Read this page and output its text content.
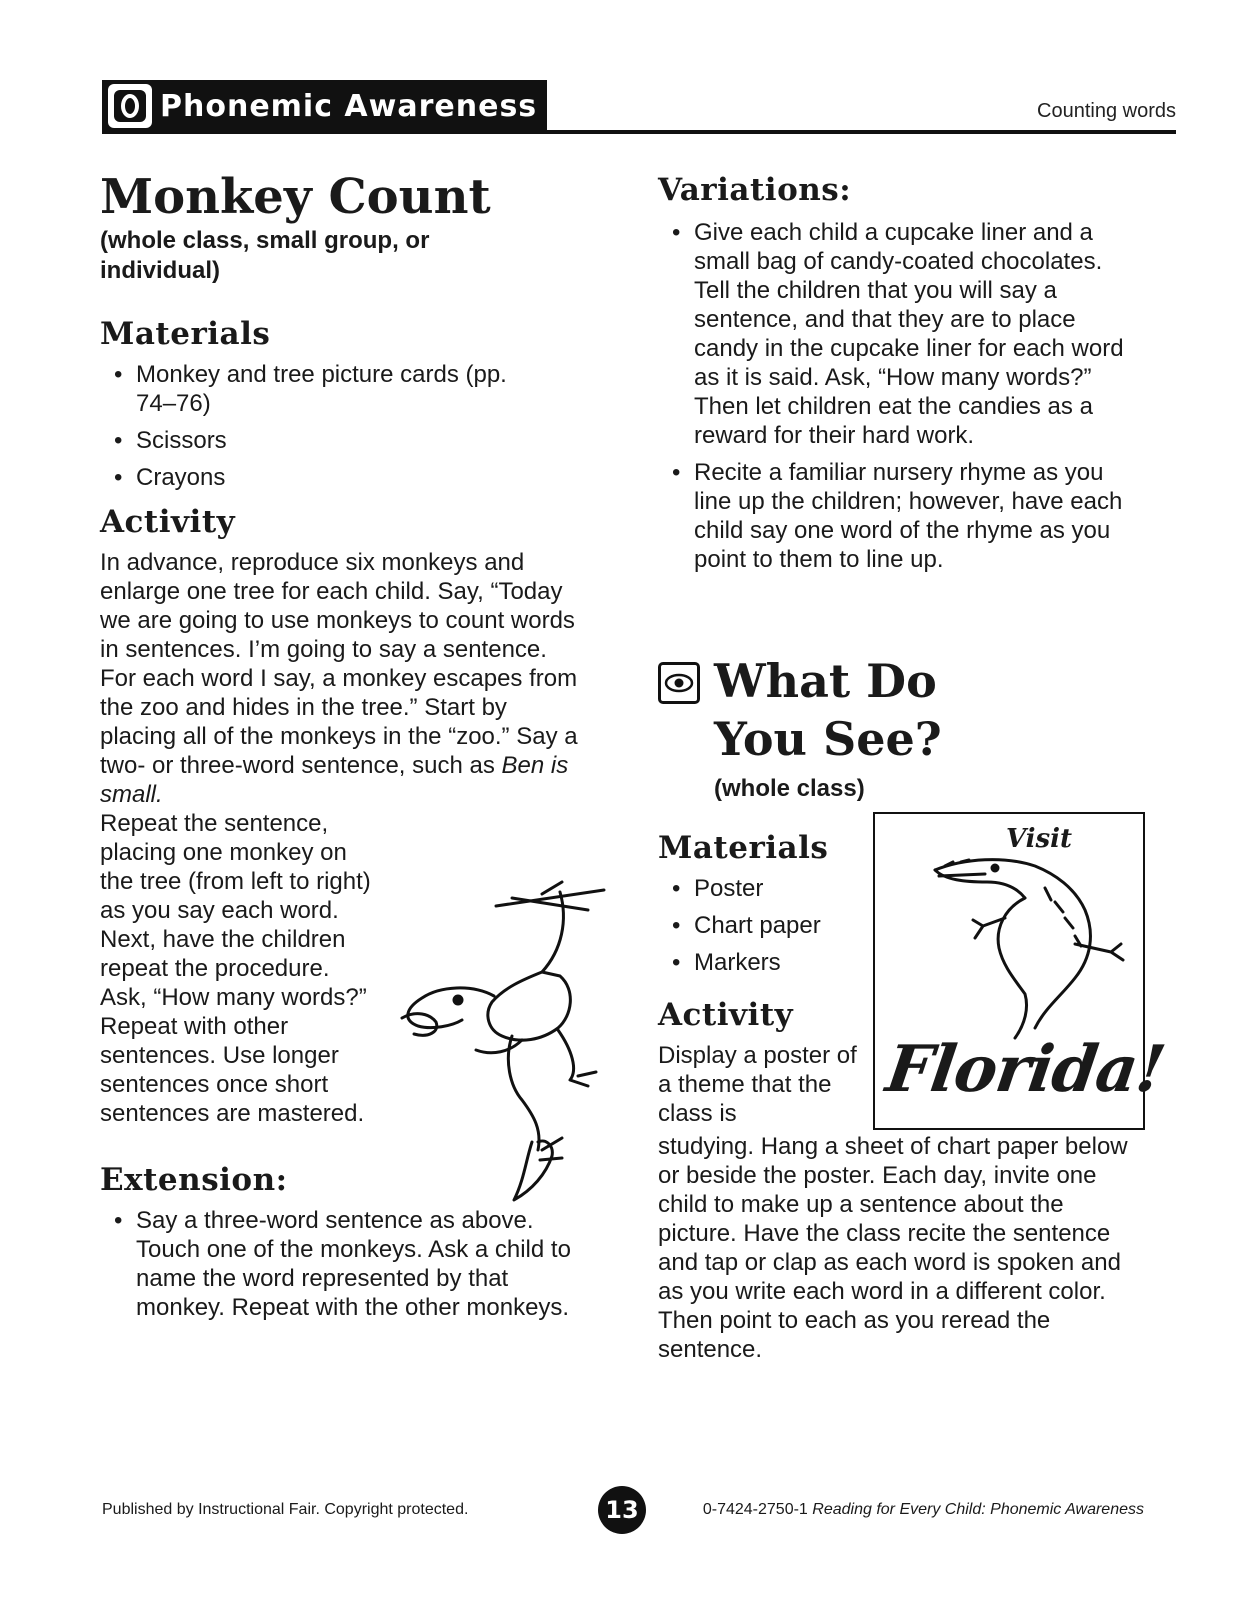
Phonemic Awareness	Counting words
Monkey Count

(whole class, small group, or individual)

Materials
• Monkey and tree picture cards (pp. 74–76)
• Scissors
• Crayons
Activity

In advance, reproduce six monkeys and enlarge one tree for each child. Say, “Today we are going to use monkeys to count words in sentences. I’m going to say a sentence. For each word I say, a monkey escapes from the zoo and hides in the tree.” Start by placing all of the monkeys in the “zoo.” Say a two- or three-word sentence, such as Ben is small.

Repeat the sentence, placing one monkey on the tree (from left to right) as you say each word. Next, have the children repeat the procedure. Ask, “How many words?” Repeat with other sentences. Use longer sentences once short sentences are mastered.

Extension:
• Say a three-word sentence as above. Touch one of the monkeys. Ask a child to name the word represented by that monkey. Repeat with the other monkeys.
Variations:
• Give each child a cupcake liner and a small bag of candy-coated chocolates. Tell the children that you will say a sentence, and that they are to place candy in the cupcake liner for each word as it is said. Ask, “How many words?” Then let children eat the candies as a reward for their hard work.
• Recite a familiar nursery rhyme as you line up the children; however, have each child say one word of the rhyme as you point to them to line up.
What Do
You See?

(whole class)

Materials
• Poster
• Chart paper
• Markers
Activity

Display a poster of a theme that the class is

studying. Hang a sheet of chart paper below or beside the poster. Each day, invite one child to make up a sentence about the picture. Have the class recite the sentence and tap or clap as each word is spoken and as you write each word in a different color. Then point to each as you reread the sentence.

Visit
Florida!
Published by Instructional Fair. Copyright protected.	13	0-7424-2750-1 Reading for Every Child: Phonemic Awareness
